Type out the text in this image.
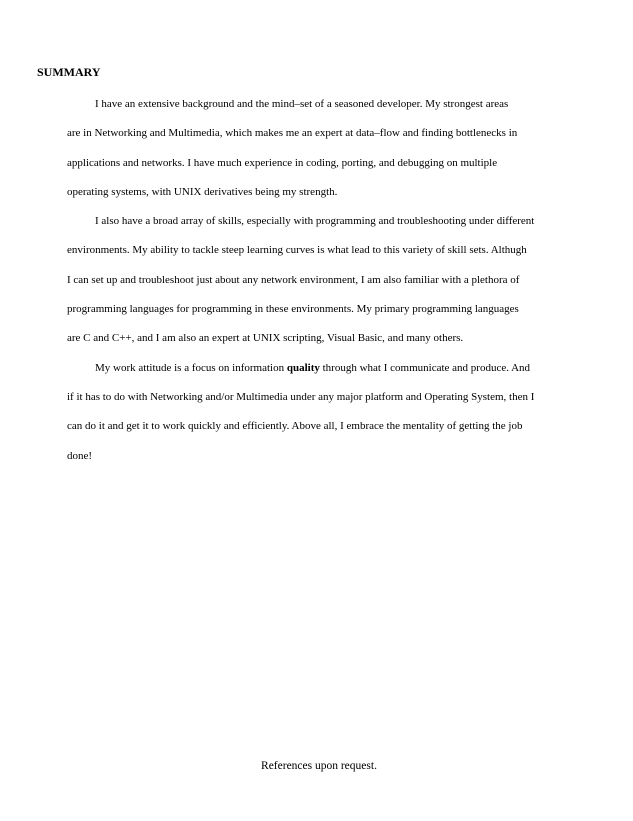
SUMMARY
I have an extensive background and the mind–set of a seasoned developer. My strongest areas
are in Networking and Multimedia, which makes me an expert at data–flow and finding bottlenecks in
applications and networks. I have much experience in coding, porting, and debugging on multiple
operating systems, with UNIX derivatives being my strength.
I also have a broad array of skills, especially with programming and troubleshooting under different
environments. My ability to tackle steep learning curves is what lead to this variety of skill sets. Althugh
I can set up and troubleshoot just about any network environment, I am also familiar with a plethora of
programming languages for programming in these environments. My primary programming languages
are C and C++, and I am also an expert at UNIX scripting, Visual Basic, and many others.
My work attitude is a focus on information quality through what I communicate and produce. And
if it has to do with Networking and/or Multimedia under any major platform and Operating System, then I
can do it and get it to work quickly and efficiently. Above all, I embrace the mentality of getting the job
done!

References upon request.
